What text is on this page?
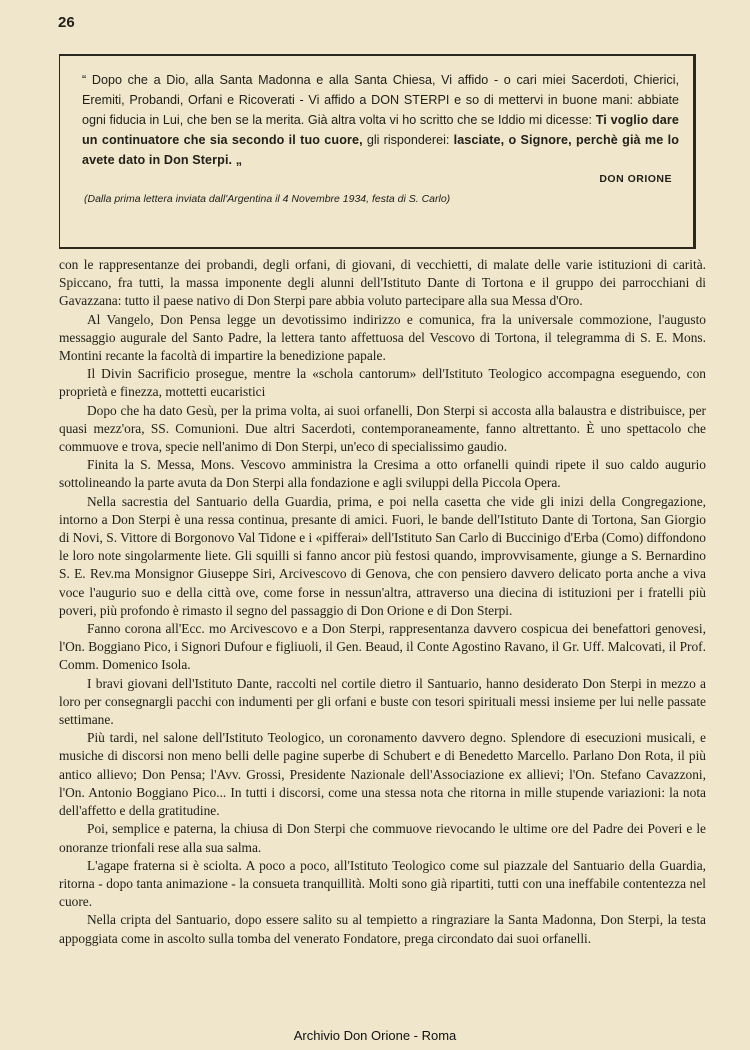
26
“ Dopo che a Dio, alla Santa Madonna e alla Santa Chiesa, Vi affido - o cari miei Sacerdoti, Chierici, Eremiti, Probandi, Orfani e Ricoverati - Vi affido a DON STERPI e so di mettervi in buone mani: abbiate ogni fiducia in Lui, che ben se la merita. Già altra volta vi ho scritto che se Iddio mi dicesse: Ti voglio dare un continuatore che sia secondo il tuo cuore, gli risponderei: lasciate, o Signore, perchè già me lo avete dato in Don Sterpi. „
DON ORIONE
(Dalla prima lettera inviata dall'Argentina il 4 Novembre 1934, festa di S. Carlo)

con le rappresentanze dei probandi, degli orfani, di giovani, di vecchietti, di malate delle varie istituzioni di carità. Spiccano, fra tutti, la massa imponente degli alunni dell'Istituto Dante di Tortona e il gruppo dei parrocchiani di Gavazzana: tutto il paese nativo di Don Sterpi pare abbia voluto partecipare alla sua Messa d'Oro.

Al Vangelo, Don Pensa legge un devotissimo indirizzo e comunica, fra la universale commozione, l'augusto messaggio augurale del Santo Padre, la lettera tanto affettuosa del Vescovo di Tortona, il telegramma di S. E. Mons. Montini recante la facoltà di impartire la benedizione papale.

Il Divin Sacrificio prosegue, mentre la «schola cantorum» dell'Istituto Teologico accompagna eseguendo, con proprietà e finezza, mottetti eucaristici

Dopo che ha dato Gesù, per la prima volta, ai suoi orfanelli, Don Sterpi si accosta alla balaustra e distribuisce, per quasi mezz'ora, SS. Comunioni. Due altri Sacerdoti, contemporaneamente, fanno altrettanto. È uno spettacolo che commuove e trova, specie nell'animo di Don Sterpi, un'eco di specialissimo gaudio.

Finita la S. Messa, Mons. Vescovo amministra la Cresima a otto orfanelli quindi ripete il suo caldo augurio sottolineando la parte avuta da Don Sterpi alla fondazione e agli sviluppi della Piccola Opera.

Nella sacrestia del Santuario della Guardia, prima, e poi nella casetta che vide gli inizi della Congregazione, intorno a Don Sterpi è una ressa continua, presante di amici. Fuori, le bande dell'Istituto Dante di Tortona, San Giorgio di Novi, S. Vittore di Borgonovo Val Tidone e i «pifferai» dell'Istituto San Carlo di Buccinigo d'Erba (Como) diffondono le loro note singolarmente liete. Gli squilli si fanno ancor più festosi quando, improvvisamente, giunge a S. Bernardino S. E. Rev.ma Monsignor Giuseppe Siri, Arcivescovo di Genova, che con pensiero davvero delicato porta anche a viva voce l'augurio suo e della città ove, come forse in nessun'altra, attraverso una diecina di istituzioni per i fratelli più poveri, più profondo è rimasto il segno del passaggio di Don Orione e di Don Sterpi.

Fanno corona all'Ecc. mo Arcivescovo e a Don Sterpi, rappresentanza davvero cospicua dei benefattori genovesi, l'On. Boggiano Pico, i Signori Dufour e figliuoli, il Gen. Beaud, il Conte Agostino Ravano, il Gr. Uff. Malcovati, il Prof. Comm. Domenico Isola.

I bravi giovani dell'Istituto Dante, raccolti nel cortile dietro il Santuario, hanno desiderato Don Sterpi in mezzo a loro per consegnargli pacchi con indumenti per gli orfani e buste con tesori spirituali messi insieme per lui nelle passate settimane.

Più tardi, nel salone dell'Istituto Teologico, un coronamento davvero degno. Splendore di esecuzioni musicali, e musiche di discorsi non meno belli delle pagine superbe di Schubert e di Benedetto Marcello. Parlano Don Rota, il più antico allievo; Don Pensa; l'Avv. Grossi, Presidente Nazionale dell'Associazione ex allievi; l'On. Stefano Cavazzoni, l'On. Antonio Boggiano Pico... In tutti i discorsi, come una stessa nota che ritorna in mille stupende variazioni: la nota dell'affetto e della gratitudine.

Poi, semplice e paterna, la chiusa di Don Sterpi che commuove rievocando le ultime ore del Padre dei Poveri e le onoranze trionfali rese alla sua salma.

L'agape fraterna si è sciolta. A poco a poco, all'Istituto Teologico come sul piazzale del Santuario della Guardia, ritorna - dopo tanta animazione - la consueta tranquillità. Molti sono già ripartiti, tutti con una ineffabile contentezza nel cuore.

Nella cripta del Santuario, dopo essere salito su al tempietto a ringraziare la Santa Madonna, Don Sterpi, la testa appoggiata come in ascolto sulla tomba del venerato Fondatore, prega circondato dai suoi orfanelli.

Archivio Don Orione - Roma
